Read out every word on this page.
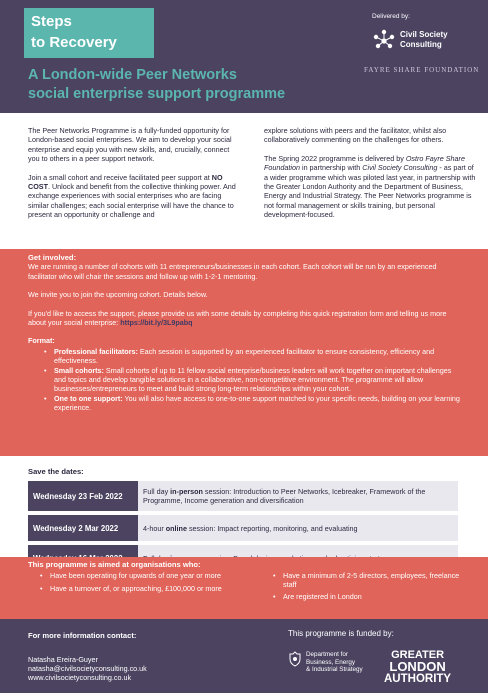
Steps
to Recovery
A London-wide Peer Networks
social enterprise support programme
Delivered by:
Civil Society
Consulting
FAYRE SHARE FOUNDATION

The Peer Networks Programme is a fully-funded opportunity for London-based social enterprises. We aim to develop your social enterprise and equip you with new skills, and, crucially, connect you to others in a peer support network.

Join a small cohort and receive facilitated peer support at NO COST. Unlock and benefit from the collective thinking power. And exchange experiences with social enterprises who are facing similar challenges; each social enterprise will have the chance to present an opportunity or challenge and

explore solutions with peers and the facilitator, whilst also collaboratively commenting on the challenges for others.

The Spring 2022 programme is delivered by Ostro Fayre Share Foundation in partnership with Civil Society Consulting - as part of a wider programme which was piloted last year, in partnership with the Greater London Authority and the Department of Business, Energy and Industrial Strategy. The Peer Networks programme is not formal management or skills training, but personal development-focused.

Get involved:

We are running a number of cohorts with 11 entrepreneurs/businesses in each cohort. Each cohort will be run by an experienced facilitator who will chair the sessions and follow up with 1-2-1 mentoring.

We invite you to join the upcoming cohort. Details below.

If you'd like to access the support, please provide us with some details by completing this quick registration form and telling us more about your social enterprise: https://bit.ly/3L9pabq

Format:
• Professional facilitators: Each session is supported by an experienced facilitator to ensure consistency, efficiency and effectiveness.
• Small cohorts: Small cohorts of up to 11 fellow social enterprise/business leaders will work together on important challenges and topics and develop tangible solutions in a collaborative, non-competitive environment. The programme will allow businesses/entrepreneurs to meet and build strong long-term relationships within your cohort.
• One to one support: You will also have access to one-to-one support matched to your specific needs, building on your learning experience.
Save the dates:
Wednesday 23 Feb 2022	Full day in-person session: Introduction to Peer Networks, Icebreaker, Framework of the Programme, Income generation and diversification
Wednesday 2 Mar 2022	4-hour online session: Impact reporting, monitoring, and evaluating
This programme is aimed at organisations who:
• Have been operating for upwards of one year or more
• Have a turnover of, or approaching, £100,000 or more
• Have a minimum of 2-5 directors, employees, freelance staff
• Are registered in London
For more information contact:
Natasha Ereira-Guyer
natasha@civilsocietyconsulting.co.uk
www.civilsocietyconsulting.co.uk
This programme is funded by:
Department for
Business, Energy
& Industrial Strategy
GREATER
LONDON
AUTHORITY
